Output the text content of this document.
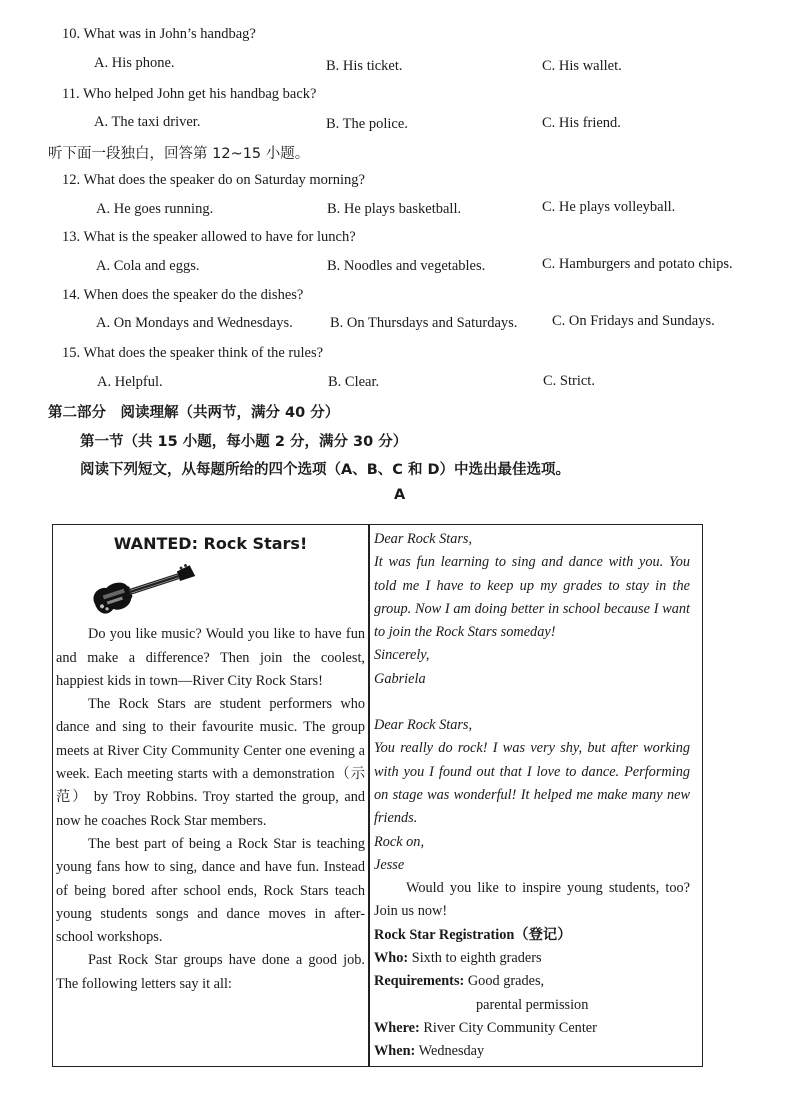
10. What was in John’s handbag?
A. His phone.	B. His ticket.	C. His wallet.
11. Who helped John get his handbag back?
A. The taxi driver.	B. The police.	C. His friend.
听下面一段独白，回答第 12~15 小题。
12. What does the speaker do on Saturday morning?
A. He goes running.	B. He plays basketball.	C. He plays volleyball.
13. What is the speaker allowed to have for lunch?
A. Cola and eggs.	B. Noodles and vegetables.	C. Hamburgers and potato chips.
14. When does the speaker do the dishes?
A. On Mondays and Wednesdays.	B. On Thursdays and Saturdays. C. On Fridays and Sundays.
15. What does the speaker think of the rules?
A. Helpful.	B. Clear.	C. Strict.
第二部分　阅读理解（共两节，满分 40 分）
第一节（共 15 小题，每小题 2 分，满分 30 分）
阅读下列短文，从每题所给的四个选项（A、B、C 和 D）中选出最佳选项。
A

WANTED: Rock Stars!

Do you like music? Would you like to have fun and make a difference? Then join the coolest, happiest kids in town—River City Rock Stars!

The Rock Stars are student performers who dance and sing to their favourite music. The group meets at River City Community Center one evening a week. Each meeting starts with a demonstration（示范） by Troy Robbins. Troy started the group, and now he coaches Rock Star members.

The best part of being a Rock Star is teaching young fans how to sing, dance and have fun. Instead of being bored after school ends, Rock Stars teach young students songs and dance moves in after-school workshops.

Past Rock Star groups have done a good job. The following letters say it all:

Dear Rock Stars,

It was fun learning to sing and dance with you. You told me I have to keep up my grades to stay in the group. Now I am doing better in school because I want to join the Rock Stars someday!

Sincerely,

Gabriela

Dear Rock Stars,

You really do rock! I was very shy, but after working with you I found out that I love to dance. Performing on stage was wonderful! It helped me make many new friends.

Rock on,

Jesse

Would you like to inspire young students, too? Join us now!

Rock Star Registration（登记）

Who: Sixth to eighth graders

Requirements: Good grades,

parental permission

Where: River City Community Center

When: Wednesday
